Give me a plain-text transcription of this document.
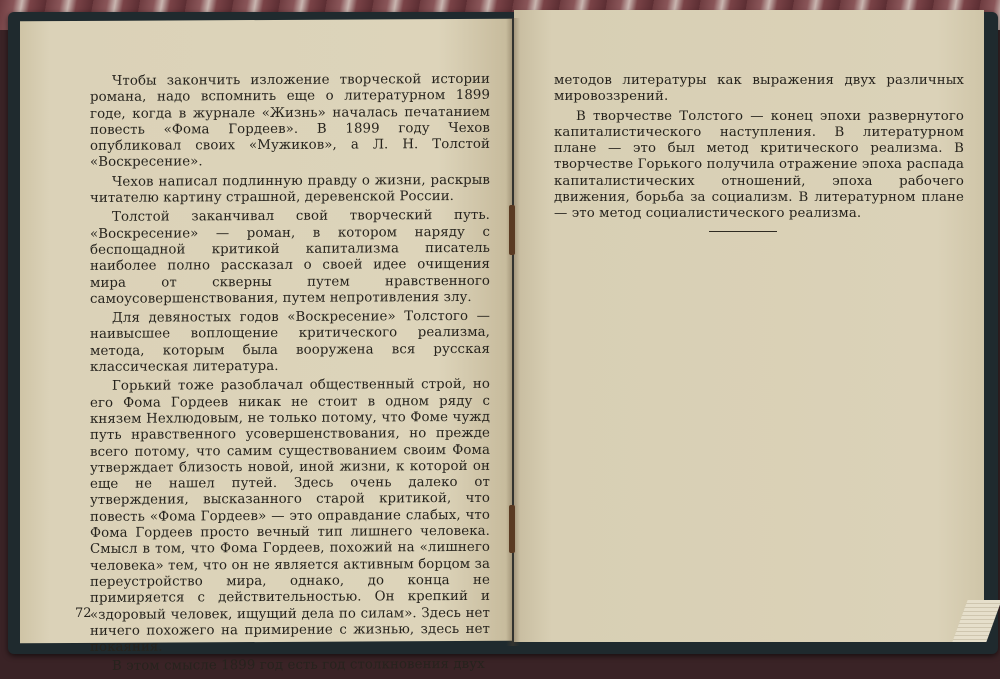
Чтобы закончить изложение творческой истории романа, надо вспомнить еще о литературном 1899 годе, когда в журнале «Жизнь» началась печатанием повесть «Фома Гордеев». В 1899 году Чехов опубликовал своих «Мужиков», а Л. Н. Толстой «Воскресение».

Чехов написал подлинную правду о жизни, раскрыв читателю картину страшной, деревенской России.

Толстой заканчивал свой творческий путь. «Воскресение» — роман, в котором наряду с беспощадной критикой капитализма писатель наиболее полно рассказал о своей идее очищения мира от скверны путем нравственного самоусовершенствования, путем непротивления злу.

Для девяностых годов «Воскресение» Толстого — наивысшее воплощение критического реализма, метода, которым была вооружена вся русская классическая литература.

Горький тоже разоблачал общественный строй, но его Фома Гордеев никак не стоит в одном ряду с князем Нехлюдовым, не только потому, что Фоме чужд путь нравственного усовершенствования, но прежде всего потому, что самим существованием своим Фома утверждает близость новой, иной жизни, к которой он еще не нашел путей. Здесь очень далеко от утверждения, высказанного старой критикой, что повесть «Фома Гордеев» — это оправдание слабых, что Фома Гордеев просто вечный тип лишнего человека. Смысл в том, что Фома Гордеев, похожий на «лишнего человека» тем, что он не является активным борцом за переустройство мира, однако, до конца не примиряется с действительностью. Он крепкий и «здоровый человек, ищущий дела по силам». Здесь нет ничего похожего на примирение с жизнью, здесь нет покаяния.

В этом смысле 1899 год есть год столкновения двух

72

методов литературы как выражения двух различных мировоззрений.

В творчестве Толстого — конец эпохи развернутого капиталистического наступления. В литературном плане — это был метод критического реализма. В творчестве Горького получила отражение эпоха распада капиталистических отношений, эпоха рабочего движения, борьба за социализм. В литературном плане — это метод социалистического реализма.
